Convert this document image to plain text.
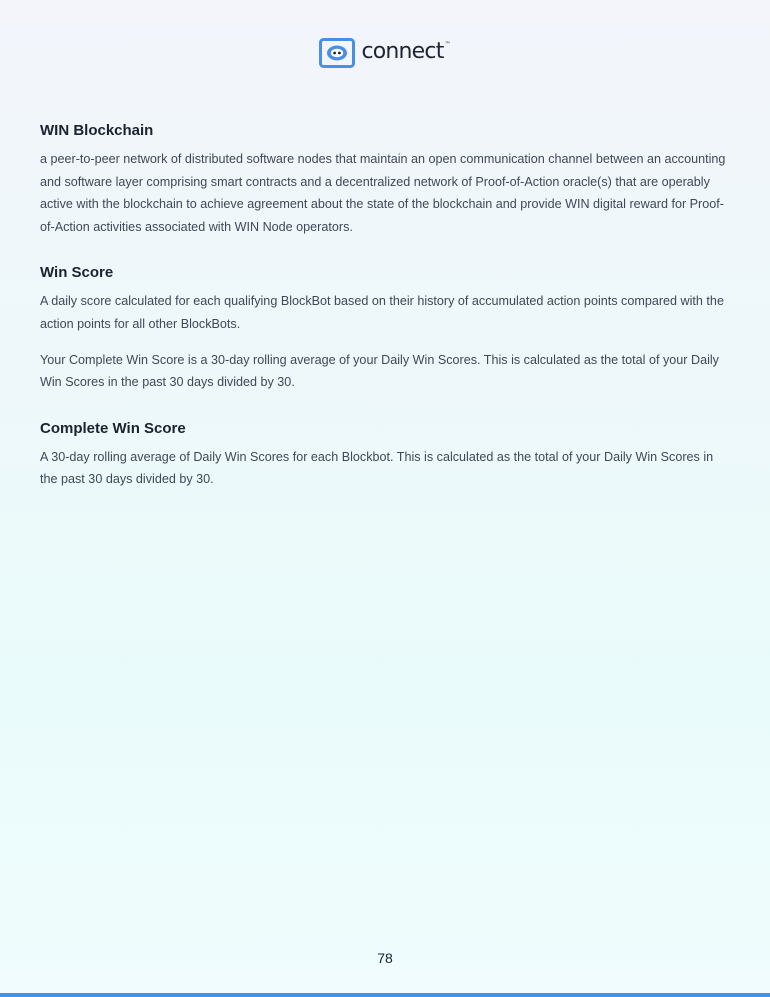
connect ™
WIN Blockchain

a peer-to-peer network of distributed software nodes that maintain an open communication channel between an accounting and software layer comprising smart contracts and a decentralized network of Proof-of-Action oracle(s) that are operably active with the blockchain to achieve agreement about the state of the blockchain and provide WIN digital reward for Proof-of-Action activities associated with WIN Node operators.

Win Score

A daily score calculated for each qualifying BlockBot based on their history of accumulated action points compared with the action points for all other BlockBots.

Your Complete Win Score is a 30-day rolling average of your Daily Win Scores. This is calculated as the total of your Daily Win Scores in the past 30 days divided by 30.

Complete Win Score

A 30-day rolling average of Daily Win Scores for each Blockbot. This is calculated as the total of your Daily Win Scores in the past 30 days divided by 30.

78
